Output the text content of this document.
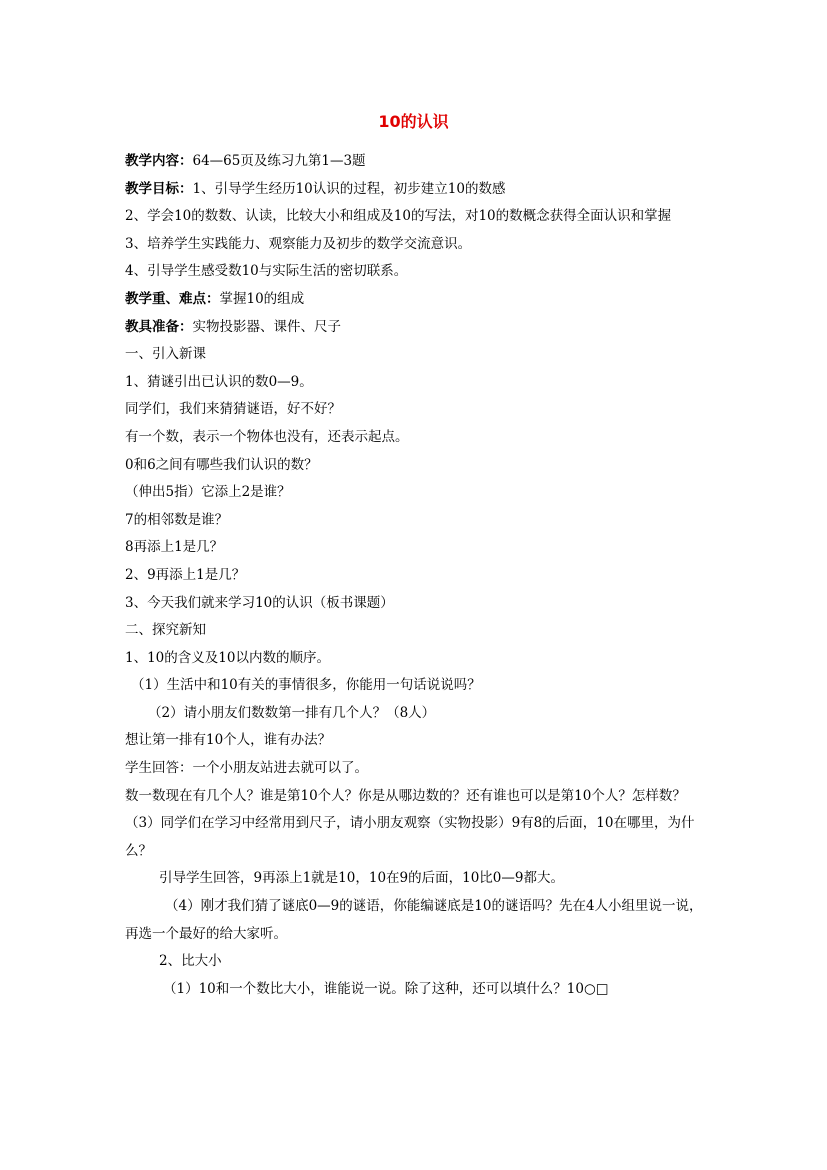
10的认识
教学内容：64—65页及练习九第1—3题
教学目标：1、引导学生经历10认识的过程，初步建立10的数感
2、学会10的数数、认读，比较大小和组成及10的写法，对10的数概念获得全面认识和掌握
3、培养学生实践能力、观察能力及初步的数学交流意识。
4、引导学生感受数10与实际生活的密切联系。
教学重、难点：掌握10的组成
教具准备：实物投影器、课件、尺子
一、引入新课
1、猜谜引出已认识的数0—9。
同学们，我们来猜猜谜语，好不好？
有一个数，表示一个物体也没有，还表示起点。
0和6之间有哪些我们认识的数？
（伸出5指）它添上2是谁？
7的相邻数是谁？
8再添上1是几？
2、9再添上1是几？
3、今天我们就来学习10的认识（板书课题）
二、探究新知
1、10的含义及10以内数的顺序。
（1）生活中和10有关的事情很多，你能用一句话说说吗？
（2）请小朋友们数数第一排有几个人？（8人）
想让第一排有10个人，谁有办法？
学生回答：一个小朋友站进去就可以了。
数一数现在有几个人？谁是第10个人？你是从哪边数的？还有谁也可以是第10个人？怎样数？
（3）同学们在学习中经常用到尺子，请小朋友观察（实物投影）9有8的后面，10在哪里，为什么？
引导学生回答，9再添上1就是10，10在9的后面，10比0—9都大。
（4）刚才我们猜了谜底0—9的谜语，你能编谜底是10的谜语吗？先在4人小组里说一说，再选一个最好的给大家听。
2、比大小
（1）10和一个数比大小，谁能说一说。除了这种，还可以填什么？10○□
